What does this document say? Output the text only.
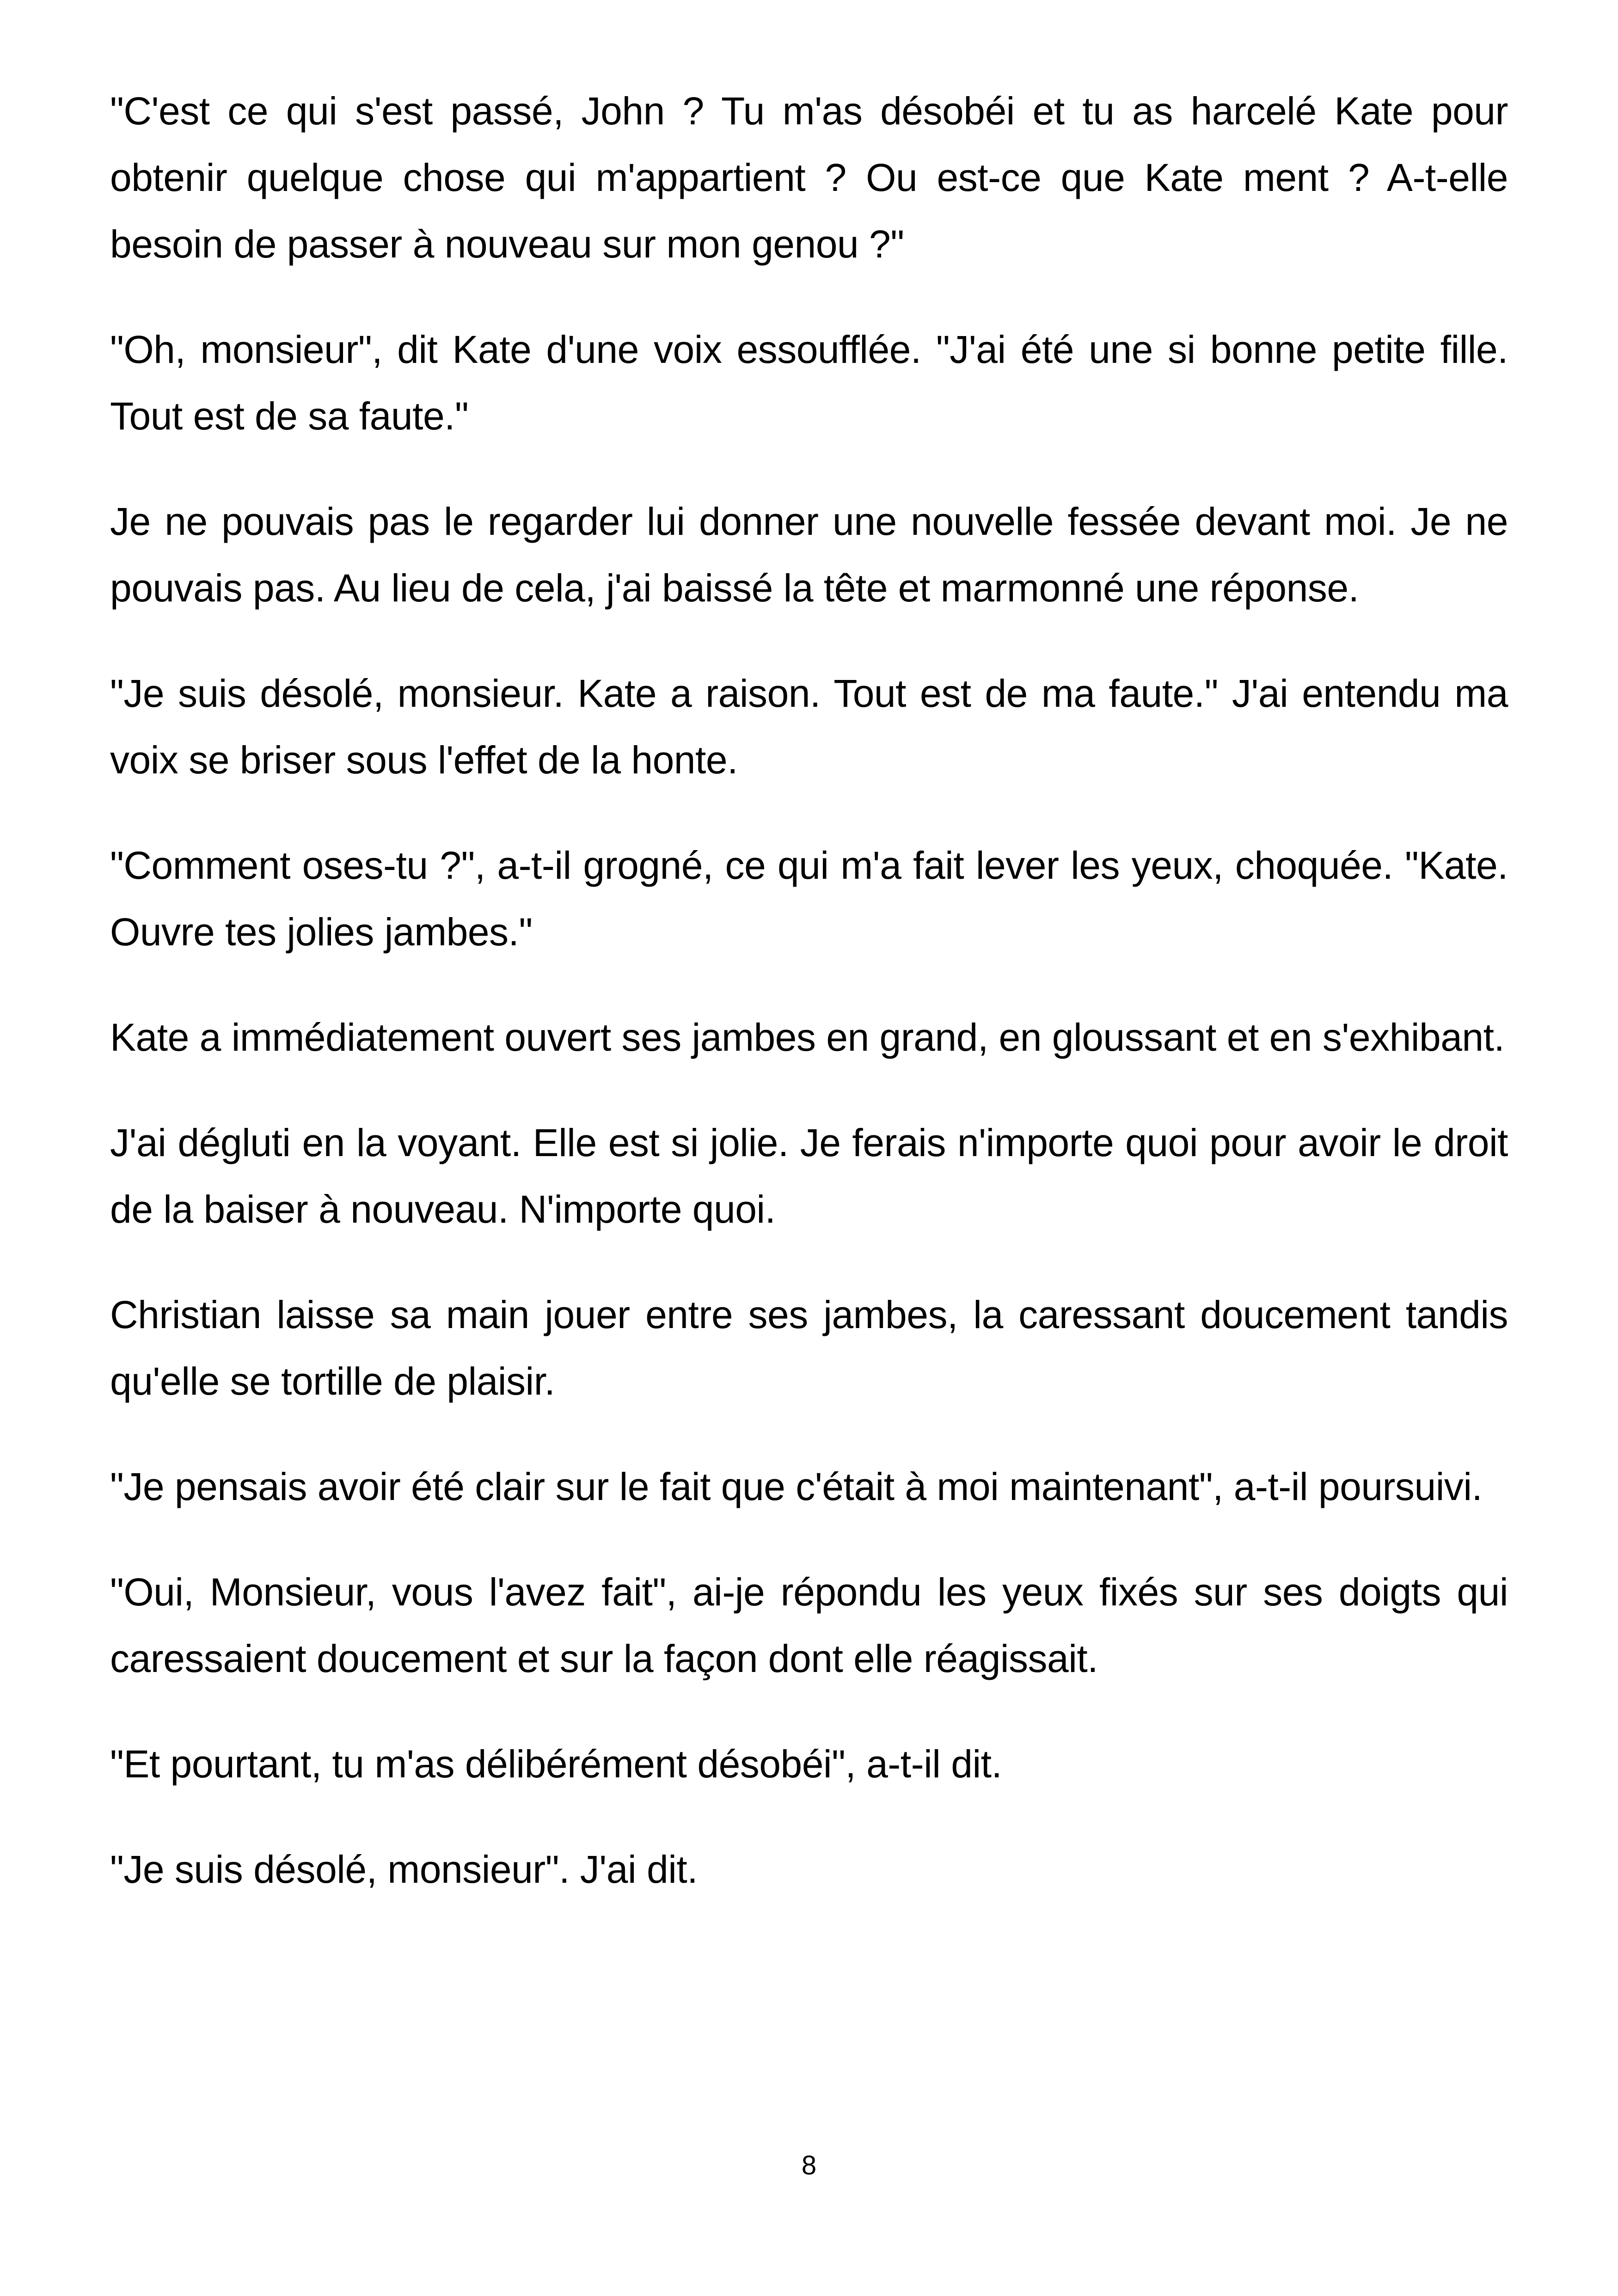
"C'est ce qui s'est passé, John ? Tu m'as désobéi et tu as harcelé Kate pour obtenir quelque chose qui m'appartient ? Ou est-ce que Kate ment ? A-t-elle besoin de passer à nouveau sur mon genou ?"

"Oh, monsieur", dit Kate d'une voix essoufflée. "J'ai été une si bonne petite fille. Tout est de sa faute."

Je ne pouvais pas le regarder lui donner une nouvelle fessée devant moi. Je ne pouvais pas. Au lieu de cela, j'ai baissé la tête et marmonné une réponse.

"Je suis désolé, monsieur. Kate a raison. Tout est de ma faute." J'ai entendu ma voix se briser sous l'effet de la honte.

"Comment oses-tu ?", a-t-il grogné, ce qui m'a fait lever les yeux, choquée. "Kate. Ouvre tes jolies jambes."

Kate a immédiatement ouvert ses jambes en grand, en gloussant et en s'exhibant.

J'ai dégluti en la voyant. Elle est si jolie. Je ferais n'importe quoi pour avoir le droit de la baiser à nouveau. N'importe quoi.

Christian laisse sa main jouer entre ses jambes, la caressant doucement tandis qu'elle se tortille de plaisir.

"Je pensais avoir été clair sur le fait que c'était à moi maintenant", a-t-il poursuivi.

"Oui, Monsieur, vous l'avez fait", ai-je répondu les yeux fixés sur ses doigts qui caressaient doucement et sur la façon dont elle réagissait.

"Et pourtant, tu m'as délibérément désobéi", a-t-il dit.

"Je suis désolé, monsieur". J'ai dit.

8
